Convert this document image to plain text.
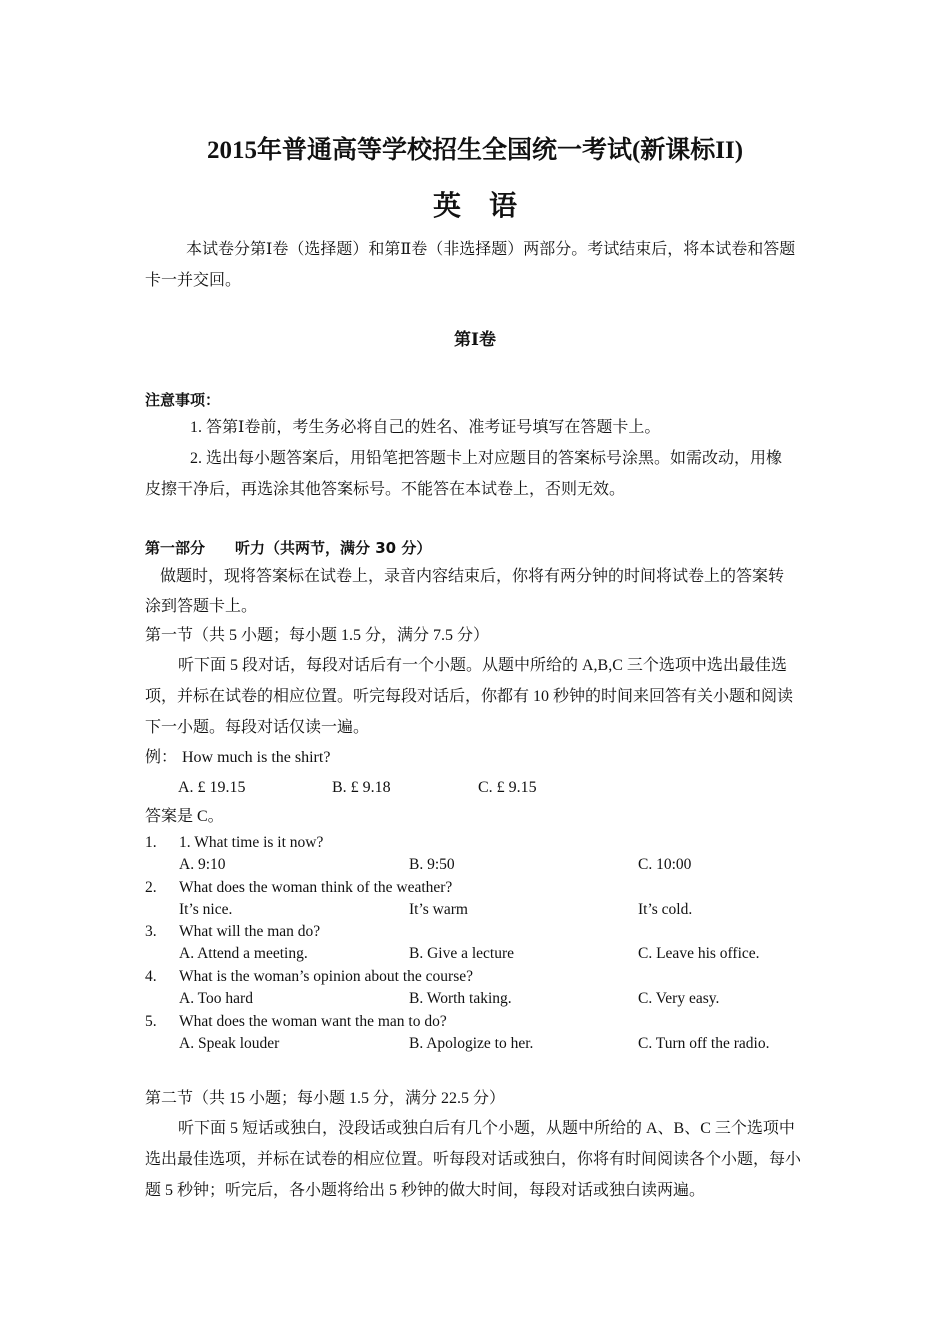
2015年普通高等学校招生全国统一考试(新课标II)
英语
本试卷分第Ⅰ卷（选择题）和第Ⅱ卷（非选择题）两部分。考试结束后，将本试卷和答题
卡一并交回。
第Ⅰ卷
注意事项：
1. 答第Ⅰ卷前，考生务必将自己的姓名、准考证号填写在答题卡上。
2. 选出每小题答案后，用铅笔把答题卡上对应题目的答案标号涂黑。如需改动，用橡
皮擦干净后，再选涂其他答案标号。不能答在本试卷上，否则无效。
第一部分　　听力（共两节，满分 30 分）
做题时，现将答案标在试卷上，录音内容结束后，你将有两分钟的时间将试卷上的答案转
涂到答题卡上。
第一节（共 5 小题；每小题 1.5 分，满分 7.5 分）
听下面 5 段对话，每段对话后有一个小题。从题中所给的 A,B,C 三个选项中选出最佳选
项，并标在试卷的相应位置。听完每段对话后，你都有 10 秒钟的时间来回答有关小题和阅读
下一小题。每段对话仅读一遍。
例： How much is the shirt?
A. £ 19.15	B. £ 9.18	C. £ 9.15
答案是 C。
1. 1. What time is it now?
A. 9:10	B. 9:50	C. 10:00
2. What does the woman think of the weather?
It’s nice.	It’s warm	It’s cold.
3. What will the man do?
A. Attend a meeting.	B. Give a lecture	C. Leave his office.
4. What is the woman’s opinion about the course?
A. Too hard	B. Worth taking.	C. Very easy.
5. What does the woman want the man to do?
A. Speak louder	B. Apologize to her.	C. Turn off the radio.
第二节（共 15 小题；每小题 1.5 分，满分 22.5 分）
听下面 5 短话或独白，没段话或独白后有几个小题，从题中所给的 A、B、C 三个选项中
选出最佳选项，并标在试卷的相应位置。听每段对话或独白，你将有时间阅读各个小题，每小
题 5 秒钟；听完后，各小题将给出 5 秒钟的做大时间，每段对话或独白读两遍。
